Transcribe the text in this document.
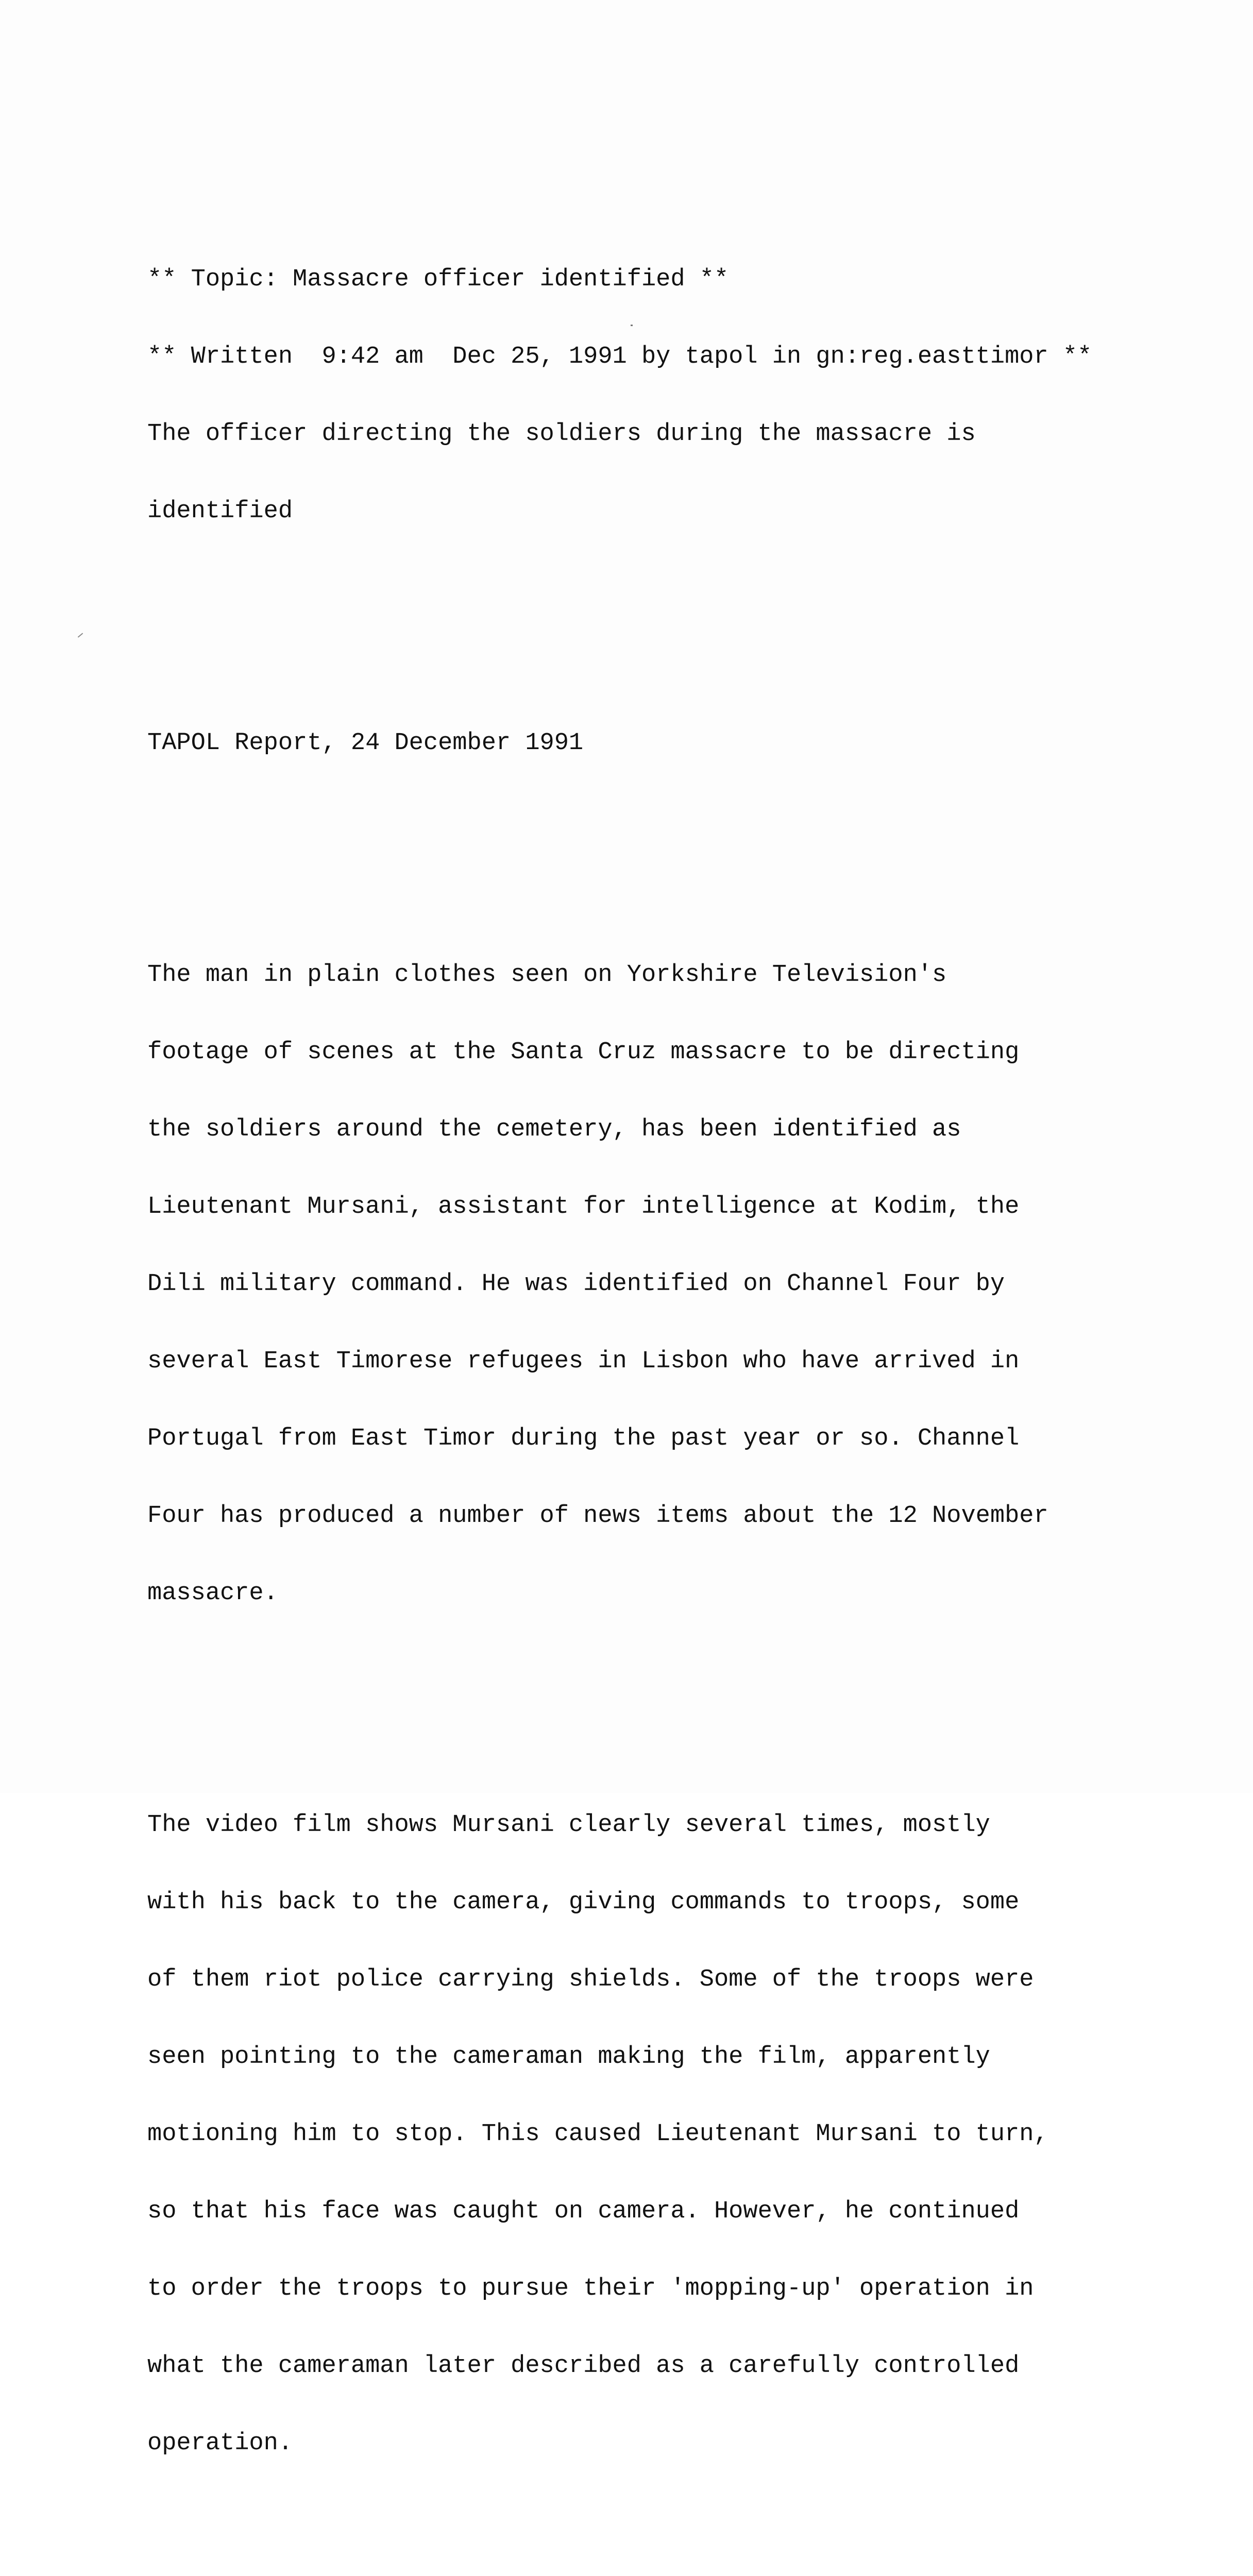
** Topic: Massacre officer identified **

** Written  9:42 am  Dec 25, 1991 by tapol in gn:reg.easttimor **

The officer directing the soldiers during the massacre is

identified

TAPOL Report, 24 December 1991

The man in plain clothes seen on Yorkshire Television's

footage of scenes at the Santa Cruz massacre to be directing

the soldiers around the cemetery, has been identified as

Lieutenant Mursani, assistant for intelligence at Kodim, the

Dili military command. He was identified on Channel Four by

several East Timorese refugees in Lisbon who have arrived in

Portugal from East Timor during the past year or so. Channel

Four has produced a number of news items about the 12 November

massacre.

The video film shows Mursani clearly several times, mostly

with his back to the camera, giving commands to troops, some

of them riot police carrying shields. Some of the troops were

seen pointing to the cameraman making the film, apparently

motioning him to stop. This caused Lieutenant Mursani to turn,

so that his face was caught on camera. However, he continued

to order the troops to pursue their 'mopping-up' operation in

what the cameraman later described as a carefully controlled

operation.
